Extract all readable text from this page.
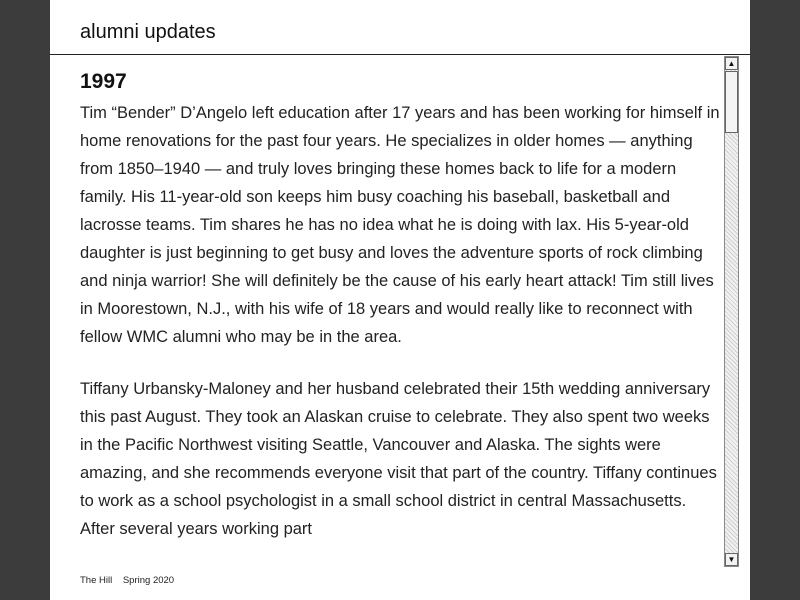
alumni updates
1997

Tim “Bender” D’Angelo left education after 17 years and has been working for himself in home renovations for the past four years. He specializes in older homes — anything from 1850–1940 — and truly loves bringing these homes back to life for a modern family. His 11-year-old son keeps him busy coaching his baseball, basketball and lacrosse teams. Tim shares he has no idea what he is doing with lax. His 5-year-old daughter is just beginning to get busy and loves the adventure sports of rock climbing and ninja warrior! She will definitely be the cause of his early heart attack! Tim still lives in Moorestown, N.J., with his wife of 18 years and would really like to reconnect with fellow WMC alumni who may be in the area.

Tiffany Urbansky-Maloney and her husband celebrated their 15th wedding anniversary this past August. They took an Alaskan cruise to celebrate. They also spent two weeks in the Pacific Northwest visiting Seattle, Vancouver and Alaska. The sights were amazing, and she recommends everyone visit that part of the country. Tiffany continues to work as a school psychologist in a small school district in central Massachusetts. After several years working part

▲
▼
The Hill Spring 2020
